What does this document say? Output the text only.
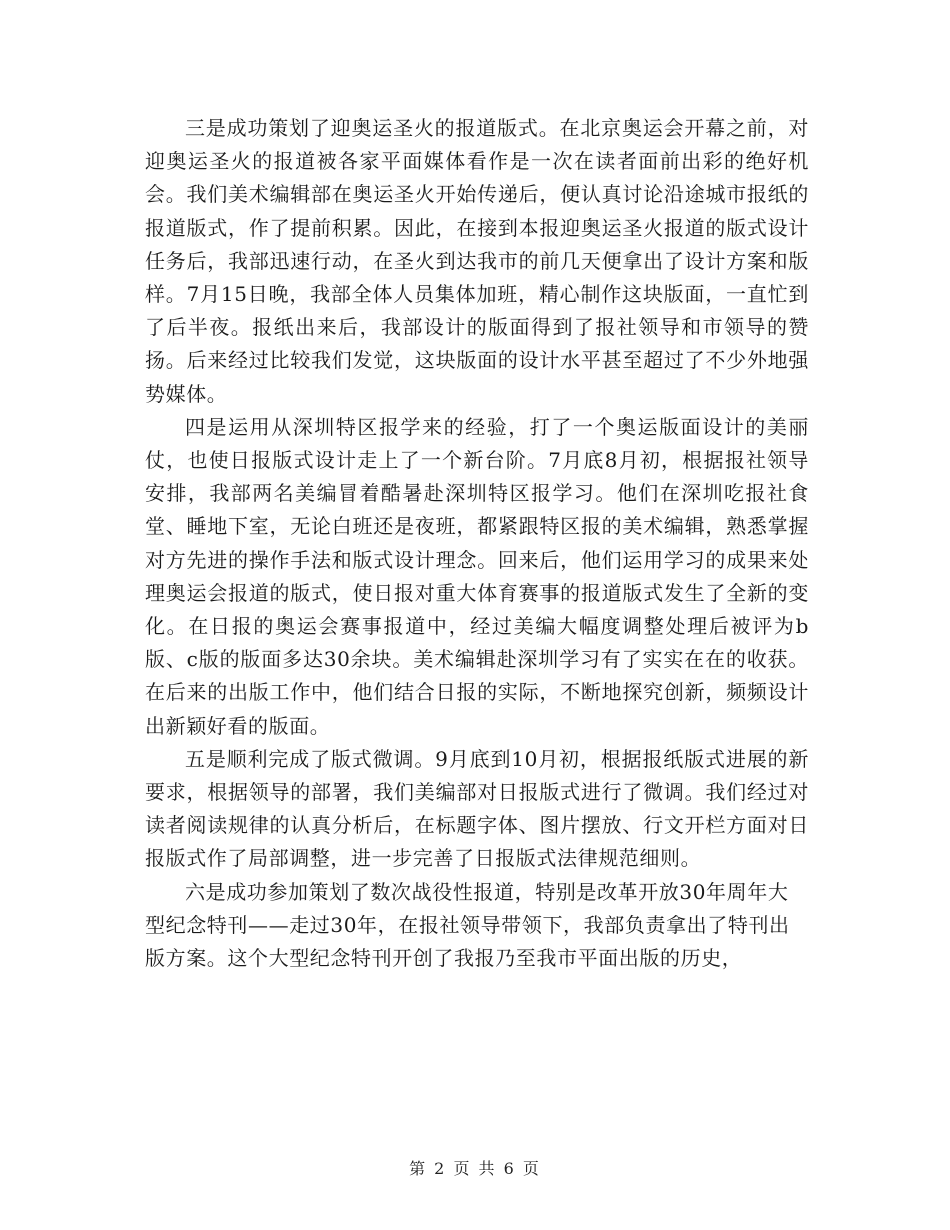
三是成功策划了迎奥运圣火的报道版式。在北京奥运会开幕之前，对迎奥运圣火的报道被各家平面媒体看作是一次在读者面前出彩的绝好机会。我们美术编辑部在奥运圣火开始传递后，便认真讨论沿途城市报纸的报道版式，作了提前积累。因此，在接到本报迎奥运圣火报道的版式设计任务后，我部迅速行动，在圣火到达我市的前几天便拿出了设计方案和版样。7月15日晚，我部全体人员集体加班，精心制作这块版面，一直忙到了后半夜。报纸出来后，我部设计的版面得到了报社领导和市领导的赞扬。后来经过比较我们发觉，这块版面的设计水平甚至超过了不少外地强势媒体。

四是运用从深圳特区报学来的经验，打了一个奥运版面设计的美丽仗，也使日报版式设计走上了一个新台阶。7月底8月初，根据报社领导安排，我部两名美编冒着酷暑赴深圳特区报学习。他们在深圳吃报社食堂、睡地下室，无论白班还是夜班，都紧跟特区报的美术编辑，熟悉掌握对方先进的操作手法和版式设计理念。回来后，他们运用学习的成果来处理奥运会报道的版式，使日报对重大体育赛事的报道版式发生了全新的变化。在日报的奥运会赛事报道中，经过美编大幅度调整处理后被评为b版、c版的版面多达30余块。美术编辑赴深圳学习有了实实在在的收获。在后来的出版工作中，他们结合日报的实际，不断地探究创新，频频设计出新颖好看的版面。

五是顺利完成了版式微调。9月底到10月初，根据报纸版式进展的新要求，根据领导的部署，我们美编部对日报版式进行了微调。我们经过对读者阅读规律的认真分析后，在标题字体、图片摆放、行文开栏方面对日报版式作了局部调整，进一步完善了日报版式法律规范细则。

六是成功参加策划了数次战役性报道，特别是改革开放30年周年大型纪念特刊——走过30年，在报社领导带领下，我部负责拿出了特刊出版方案。这个大型纪念特刊开创了我报乃至我市平面出版的历史，

第 2 页 共 6 页
